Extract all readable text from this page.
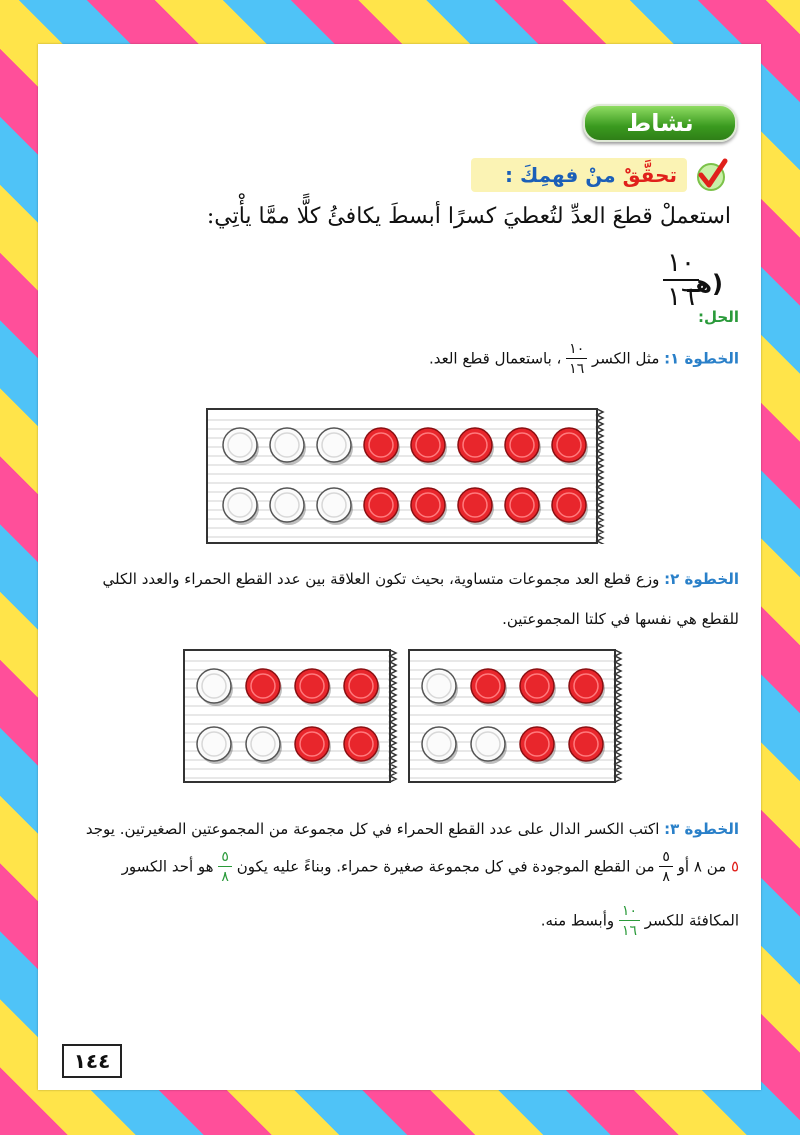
نشاط
تحقَّقْ منْ فهمِكَ :
استعملْ قطعَ العدِّ لتُعطيَ كسرًا أبسطَ يكافئُ كلًّا ممَّا يأْتِي:
هـ)
$\frac{١٠}{١٦}$
الحل:
الخطوة ١: مثل الكسر
$\frac{١٠}{١٦}$
، باستعمال قطع العد.
الخطوة ٢: وزع قطع العد مجموعات متساوية، بحيث تكون العلاقة بين عدد القطع الحمراء والعدد الكلي
للقطع هي نفسها في كلتا المجموعتين.
الخطوة ٣: اكتب الكسر الدال على عدد القطع الحمراء في كل مجموعة من المجموعتين الصغيرتين. يوجد
٥ من ٨ أو
$\frac{٥}{٨}$
من القطع الموجودة في كل مجموعة صغيرة حمراء. وبناءً عليه يكون
$\frac{٥}{٨}$
هو أحد الكسور
المكافئة للكسر
$\frac{١٠}{١٦}$
وأبسط منه.
١٤٤
